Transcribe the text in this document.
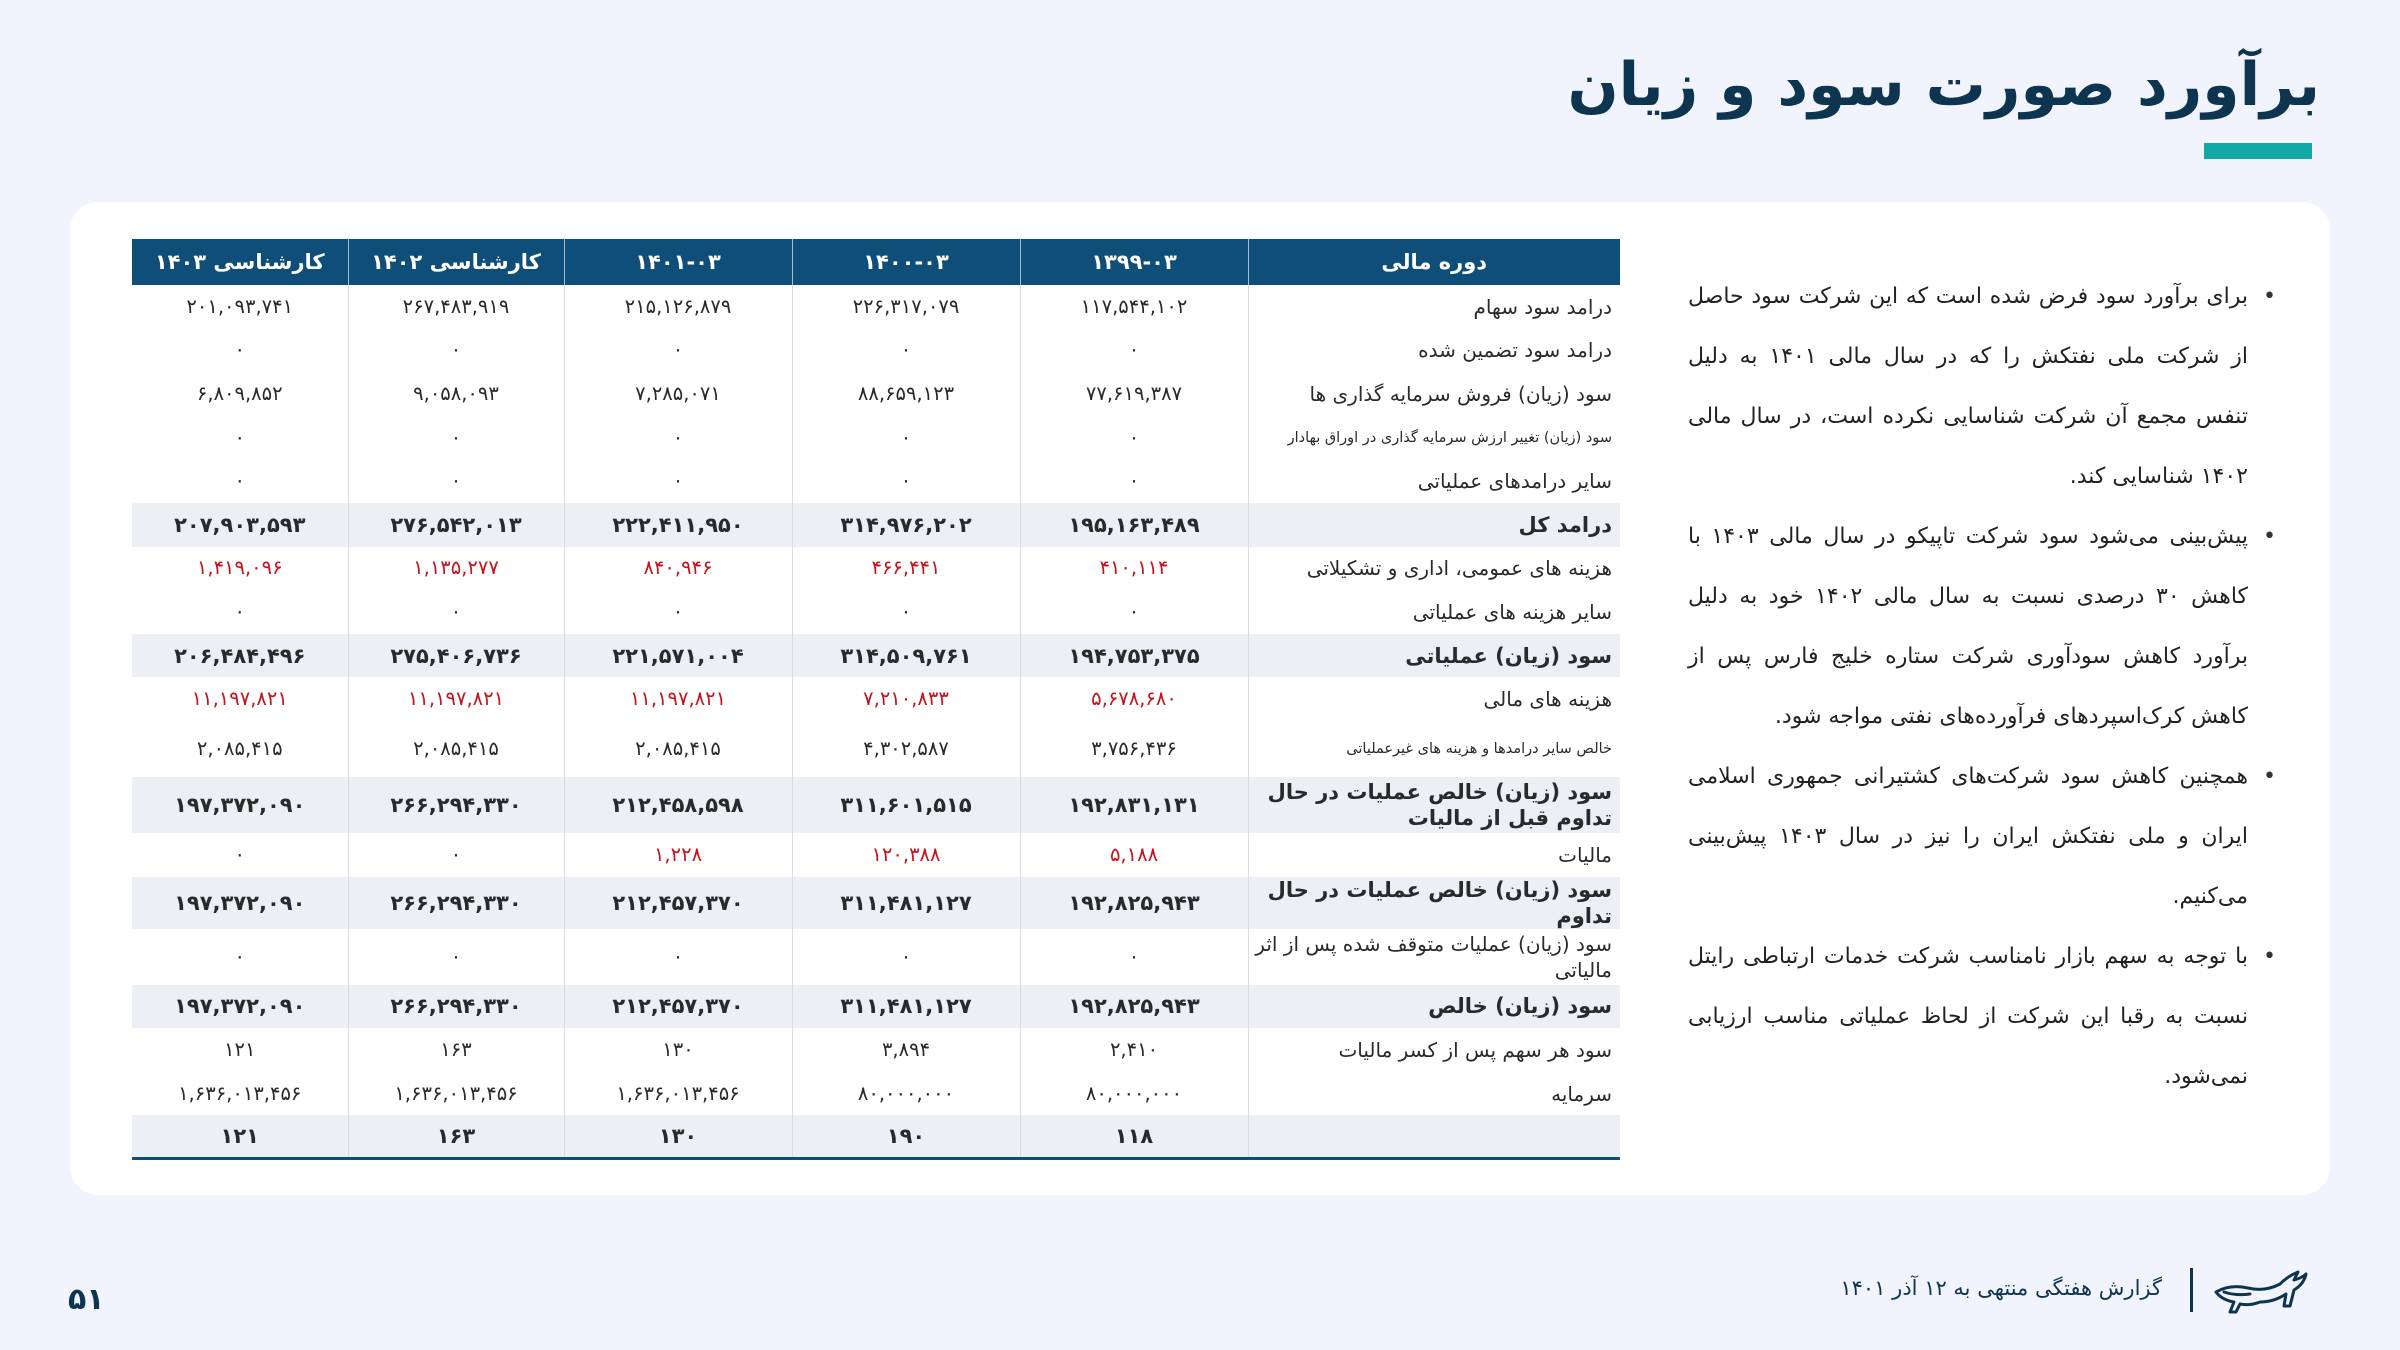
برآورد صورت سود و زیان
•
برای برآورد سود فرض شده است که این شرکت سود حاصل از شرکت ملی نفتکش را که در سال مالی ۱۴۰۱ به دلیل تنفس مجمع آن شرکت شناسایی نکرده است، در سال مالی ۱۴۰۲ شناسایی کند.
•
پیش‌بینی می‌شود سود شرکت تاپیکو در سال مالی ۱۴۰۳ با کاهش ۳۰ درصدی نسبت به سال مالی ۱۴۰۲ خود به دلیل برآورد کاهش سودآوری شرکت ستاره خلیج فارس پس از کاهش کرک‌اسپردهای فرآورده‌های نفتی مواجه شود.
•
همچنین کاهش سود شرکت‌های کشتیرانی جمهوری اسلامی ایران و ملی نفتکش ایران را نیز در سال ۱۴۰۳ پیش‌بینی می‌کنیم.
•
با توجه به سهم بازار نامناسب شرکت خدمات ارتباطی رایتل نسبت به رقبا این شرکت از لحاظ عملیاتی مناسب ارزیابی نمی‌شود.
دوره مالی	۱۳۹۹-۰۳	۱۴۰۰-۰۳	۱۴۰۱-۰۳	کارشناسی ۱۴۰۲	کارشناسی ۱۴۰۳
درامد سود سهام	۱۱۷,۵۴۴,۱۰۲	۲۲۶,۳۱۷,۰۷۹	۲۱۵,۱۲۶,۸۷۹	۲۶۷,۴۸۳,۹۱۹	۲۰۱,۰۹۳,۷۴۱
درامد سود تضمین شده	۰	۰	۰	۰	۰
سود (زیان) فروش سرمایه گذاری ها	۷۷,۶۱۹,۳۸۷	۸۸,۶۵۹,۱۲۳	۷,۲۸۵,۰۷۱	۹,۰۵۸,۰۹۳	۶,۸۰۹,۸۵۲
سود (زیان) تغییر ارزش سرمایه گذاری در اوراق بهادار	۰	۰	۰	۰	۰
سایر درامدهای عملیاتی	۰	۰	۰	۰	۰
درامد کل	۱۹۵,۱۶۳,۴۸۹	۳۱۴,۹۷۶,۲۰۲	۲۲۲,۴۱۱,۹۵۰	۲۷۶,۵۴۲,۰۱۳	۲۰۷,۹۰۳,۵۹۳
هزینه های عمومی، اداری و تشکیلاتی	۴۱۰,۱۱۴	۴۶۶,۴۴۱	۸۴۰,۹۴۶	۱,۱۳۵,۲۷۷	۱,۴۱۹,۰۹۶
سایر هزینه های عملیاتی	۰	۰	۰	۰	۰
سود (زیان) عملیاتی	۱۹۴,۷۵۳,۳۷۵	۳۱۴,۵۰۹,۷۶۱	۲۲۱,۵۷۱,۰۰۴	۲۷۵,۴۰۶,۷۳۶	۲۰۶,۴۸۴,۴۹۶
هزینه های مالی	۵,۶۷۸,۶۸۰	۷,۲۱۰,۸۳۳	۱۱,۱۹۷,۸۲۱	۱۱,۱۹۷,۸۲۱	۱۱,۱۹۷,۸۲۱
خالص سایر درامدها و هزینه های غیرعملیاتی	۳,۷۵۶,۴۳۶	۴,۳۰۲,۵۸۷	۲,۰۸۵,۴۱۵	۲,۰۸۵,۴۱۵	۲,۰۸۵,۴۱۵
سود (زیان) خالص عملیات در حال تداوم قبل از مالیات	۱۹۲,۸۳۱,۱۳۱	۳۱۱,۶۰۱,۵۱۵	۲۱۲,۴۵۸,۵۹۸	۲۶۶,۲۹۴,۳۳۰	۱۹۷,۳۷۲,۰۹۰
مالیات	۵,۱۸۸	۱۲۰,۳۸۸	۱,۲۲۸	۰	۰
سود (زیان) خالص عملیات در حال تداوم	۱۹۲,۸۲۵,۹۴۳	۳۱۱,۴۸۱,۱۲۷	۲۱۲,۴۵۷,۳۷۰	۲۶۶,۲۹۴,۳۳۰	۱۹۷,۳۷۲,۰۹۰
سود (زیان) عملیات متوقف شده پس از اثر مالیاتی	۰	۰	۰	۰	۰
سود (زیان) خالص	۱۹۲,۸۲۵,۹۴۳	۳۱۱,۴۸۱,۱۲۷	۲۱۲,۴۵۷,۳۷۰	۲۶۶,۲۹۴,۳۳۰	۱۹۷,۳۷۲,۰۹۰
سود هر سهم پس از کسر مالیات	۲,۴۱۰	۳,۸۹۴	۱۳۰	۱۶۳	۱۲۱
سرمایه	۸۰,۰۰۰,۰۰۰	۸۰,۰۰۰,۰۰۰	۱,۶۳۶,۰۱۳,۴۵۶	۱,۶۳۶,۰۱۳,۴۵۶	۱,۶۳۶,۰۱۳,۴۵۶
	۱۱۸	۱۹۰	۱۳۰	۱۶۳	۱۲۱
گزارش هفتگی منتهی به ۱۲ آذر ۱۴۰۱
۵۱
